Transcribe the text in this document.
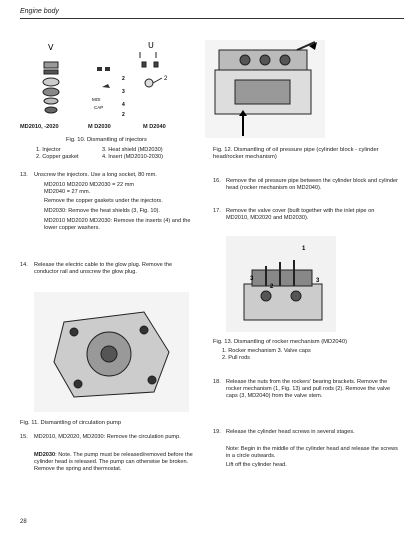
Engine body
V	U
MOI
CAP
2
3
4
2
2
MD2010, -2020	M D2030	M D2040
Fig. 10. Dismantling of injectors
1. Injector	3. Heat shield (MD2030)
2. Copper gasket	4. Insert (MD2010-2030)
Fig. 12. Dismantling of oil pressure pipe (cylinder block - cylinder head/rocker mechanism)
13. Unscrew the injectors. Use a long socket, 80 mm.
MD2010 MD2020 MD2030 = 22 mm
MD2040 = 27 mm.
Remove the copper gaskets under the injectors.
MD2030: Remove the heat shields (3, Fig. 10).
MD2010 MD2020 MD2030: Remove the inserts (4) and the lower copper washers.
16. Remove the oil pressure pipe between the cylinder block and cylinder head (rocker mechanism on MD2040).
17. Remove the valve cover (built together with the inlet pipe on MD2010, MD2020 and MD2030).
14. Release the electric cable to the glow plug. Remove the conductor rail and unscrew the glow plug.
1
3	3
2
Fig. 13. Dismantling of rocker mechanism (MD2040)
1. Rocker mechanism 3. Valve caps
2. Pull rods
Fig. 11. Dismantling of circulation pump
18. Release the nuts from the rockers' bearing brackets. Remove the rocker mechanism (1, Fig. 13) and pull rods (2). Remove the valve caps (3, MD2040) from the valve stem.
15. MD2010, MD2020, MD2030: Remove the circulation pump.
MD2030: Note. The pump must be released/removed before the cylinder head is released. The pump can otherwise be broken. Remove the spring and thermostat.
19. Release the cylinder head screws in several stages.
Note: Begin in the middle of the cylinder head and release the screws in a circle outwards.
Lift off the cylinder head.
28
